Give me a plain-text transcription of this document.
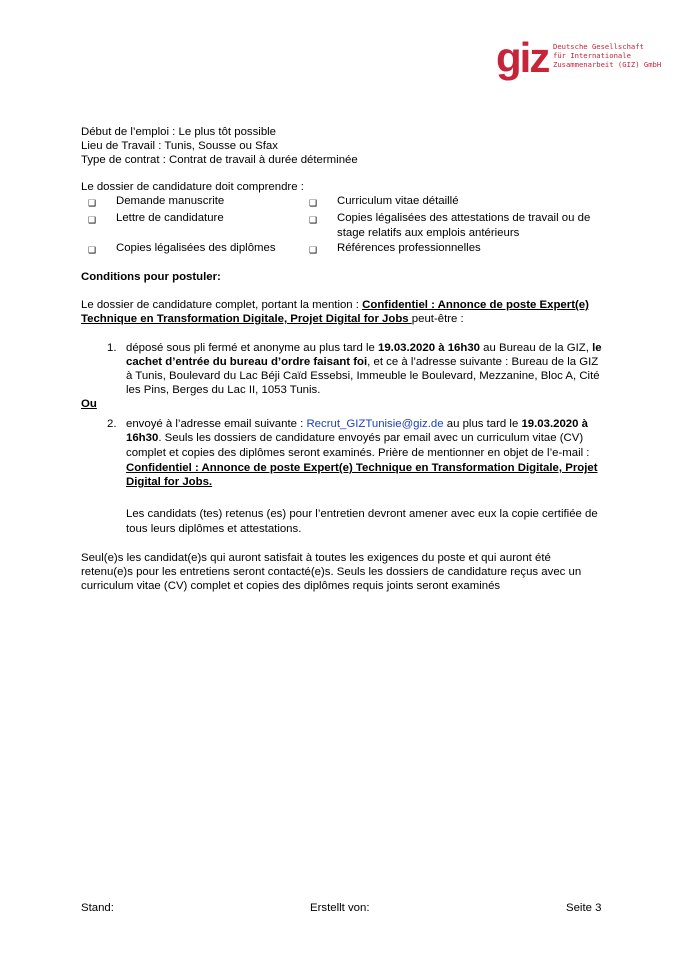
giz Deutsche Gesellschaft
für Internationale
Zusammenarbeit (GIZ) GmbH
Début de l’emploi : Le plus tôt possible
Lieu de Travail : Tunis, Sousse ou Sfax
Type de contrat : Contrat de travail à durée déterminée
Le dossier de candidature doit comprendre :
❑ Demande manuscrite	❑ Curriculum vitae détaillé
❑ Lettre de candidature	❑ Copies légalisées des attestations de travail ou de
stage relatifs aux emplois antérieurs
❑ Copies légalisées des diplômes	❑ Références professionnelles
Conditions pour postuler:
Le dossier de candidature complet, portant la mention : Confidentiel : Annonce de poste Expert(e)
Technique en Transformation Digitale, Projet Digital for Jobs peut-être :
1. déposé sous pli fermé et anonyme au plus tard le 19.03.2020 à 16h30 au Bureau de la GIZ, le
cachet d’entrée du bureau d’ordre faisant foi, et ce à l’adresse suivante : Bureau de la GIZ
à Tunis, Boulevard du Lac Béji Caïd Essebsi, Immeuble le Boulevard, Mezzanine, Bloc A, Cité
les Pins, Berges du Lac II, 1053 Tunis.
Ou
2. envoyé à l’adresse email suivante : Recrut_GIZTunisie@giz.de au plus tard le 19.03.2020 à
16h30. Seuls les dossiers de candidature envoyés par email avec un curriculum vitae (CV)
complet et copies des diplômes seront examinés. Prière de mentionner en objet de l’e-mail :
Confidentiel : Annonce de poste Expert(e) Technique en Transformation Digitale, Projet
Digital for Jobs.
Les candidats (tes) retenus (es) pour l’entretien devront amener avec eux la copie certifiée de
tous leurs diplômes et attestations.
Seul(e)s les candidat(e)s qui auront satisfait à toutes les exigences du poste et qui auront été
retenu(e)s pour les entretiens seront contacté(e)s. Seuls les dossiers de candidature reçus avec un
curriculum vitae (CV) complet et copies des diplômes requis joints seront examinés
Stand:	Erstellt von:	Seite 3
